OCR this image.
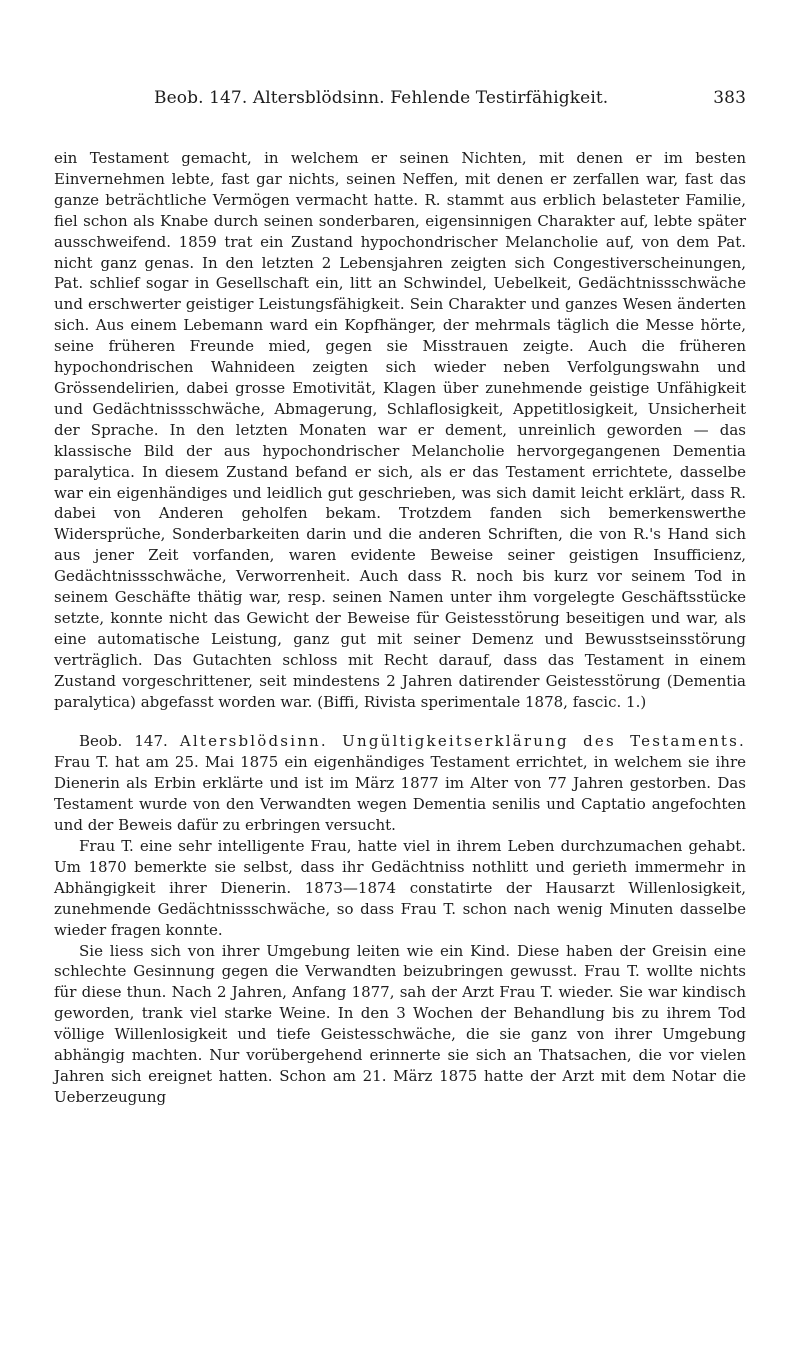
Beob. 147. Altersblödsinn. Fehlende Testirfähigkeit.	383

ein Testament gemacht, in welchem er seinen Nichten, mit denen er im besten Einvernehmen lebte, fast gar nichts, seinen Neffen, mit denen er zerfallen war, fast das ganze beträchtliche Vermögen vermacht hatte. R. stammt aus erblich belasteter Familie, fiel schon als Knabe durch seinen sonderbaren, eigensinnigen Charakter auf, lebte später ausschweifend. 1859 trat ein Zustand hypochondrischer Melancholie auf, von dem Pat. nicht ganz genas. In den letzten 2 Lebensjahren zeigten sich Congestiverscheinungen, Pat. schlief sogar in Gesellschaft ein, litt an Schwindel, Uebelkeit, Gedächtnissschwäche und erschwerter geistiger Leistungsfähigkeit. Sein Charakter und ganzes Wesen änderten sich. Aus einem Lebemann ward ein Kopfhänger, der mehrmals täglich die Messe hörte, seine früheren Freunde mied, gegen sie Misstrauen zeigte. Auch die früheren hypochondrischen Wahnideen zeigten sich wieder neben Verfolgungswahn und Grössendelirien, dabei grosse Emotivität, Klagen über zunehmende geistige Unfähigkeit und Gedächtnissschwäche, Abmagerung, Schlaflosigkeit, Appetitlosigkeit, Unsicherheit der Sprache. In den letzten Monaten war er dement, unreinlich geworden — das klassische Bild der aus hypochondrischer Melancholie hervorgegangenen Dementia paralytica. In diesem Zustand befand er sich, als er das Testament errichtete, dasselbe war ein eigenhändiges und leidlich gut geschrieben, was sich damit leicht erklärt, dass R. dabei von Anderen geholfen bekam. Trotzdem fanden sich bemerkenswerthe Widersprüche, Sonderbarkeiten darin und die anderen Schriften, die von R.'s Hand sich aus jener Zeit vorfanden, waren evidente Beweise seiner geistigen Insufficienz, Gedächtnissschwäche, Verworrenheit. Auch dass R. noch bis kurz vor seinem Tod in seinem Geschäfte thätig war, resp. seinen Namen unter ihm vorgelegte Geschäftsstücke setzte, konnte nicht das Gewicht der Beweise für Geistesstörung beseitigen und war, als eine automatische Leistung, ganz gut mit seiner Demenz und Bewusstseinsstörung verträglich. Das Gutachten schloss mit Recht darauf, dass das Testament in einem Zustand vorgeschrittener, seit mindestens 2 Jahren datirender Geistesstörung (Dementia paralytica) abgefasst worden war. (Biffi, Rivista sperimentale 1878, fascic. 1.)

Beob. 147. Altersblödsinn. Ungültigkeitserklärung des Testaments. Frau T. hat am 25. Mai 1875 ein eigenhändiges Testament errichtet, in welchem sie ihre Dienerin als Erbin erklärte und ist im März 1877 im Alter von 77 Jahren gestorben. Das Testament wurde von den Verwandten wegen Dementia senilis und Captatio angefochten und der Beweis dafür zu erbringen versucht.

Frau T. eine sehr intelligente Frau, hatte viel in ihrem Leben durchzumachen gehabt. Um 1870 bemerkte sie selbst, dass ihr Gedächtniss nothlitt und gerieth immermehr in Abhängigkeit ihrer Dienerin. 1873—1874 constatirte der Hausarzt Willenlosigkeit, zunehmende Gedächtnissschwäche, so dass Frau T. schon nach wenig Minuten dasselbe wieder fragen konnte.

Sie liess sich von ihrer Umgebung leiten wie ein Kind. Diese haben der Greisin eine schlechte Gesinnung gegen die Verwandten beizubringen gewusst. Frau T. wollte nichts für diese thun. Nach 2 Jahren, Anfang 1877, sah der Arzt Frau T. wieder. Sie war kindisch geworden, trank viel starke Weine. In den 3 Wochen der Behandlung bis zu ihrem Tod völlige Willenlosigkeit und tiefe Geistesschwäche, die sie ganz von ihrer Umgebung abhängig machten. Nur vorübergehend erinnerte sie sich an Thatsachen, die vor vielen Jahren sich ereignet hatten. Schon am 21. März 1875 hatte der Arzt mit dem Notar die Ueberzeugung
